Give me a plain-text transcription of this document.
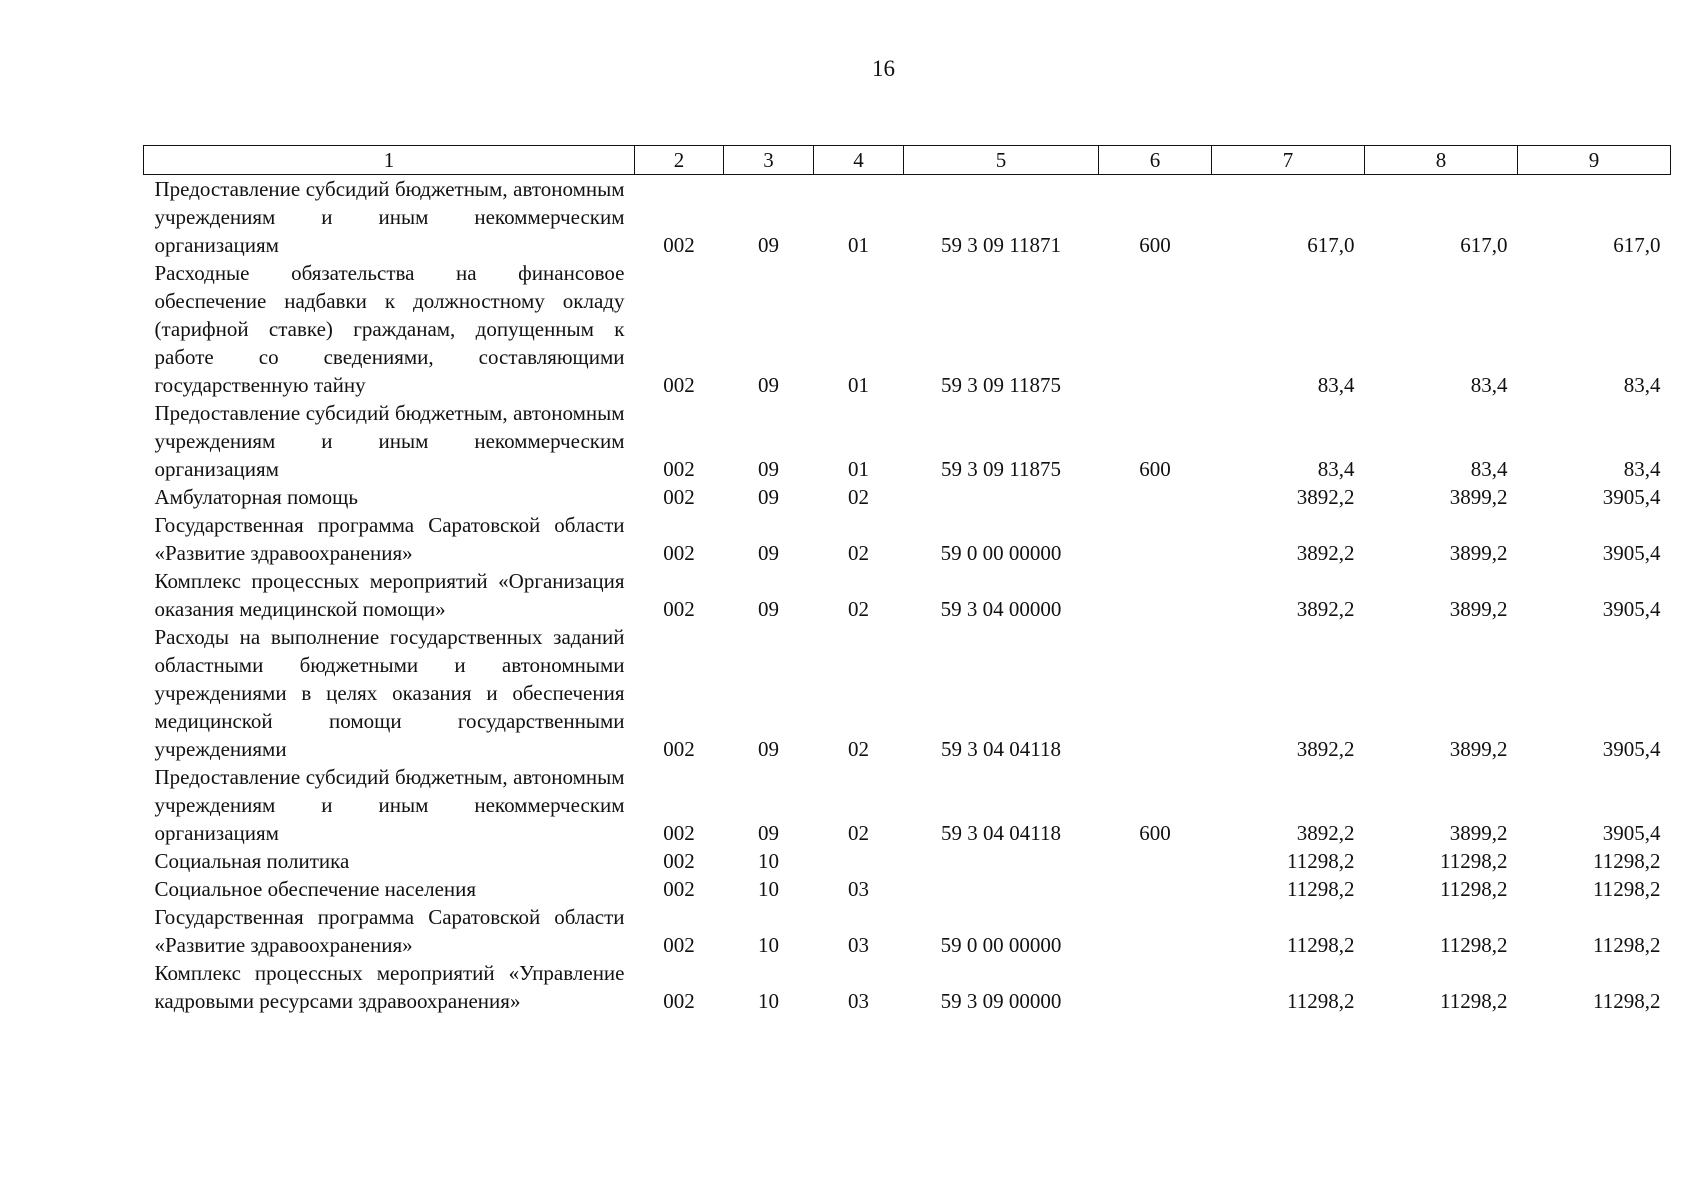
16
1	2	3	4	5	6	7	8	9
Предоставление субсидий бюджетным, автономным учреждениям и иным некоммерческим организациям	002	09	01	59 3 09 11871	600	617,0	617,0	617,0
Расходные обязательства на финансовое обеспечение надбавки к должностному окладу (тарифной ставке) гражданам, допущенным к работе со сведениями, составляющими государственную тайну	002	09	01	59 3 09 11875		83,4	83,4	83,4
Предоставление субсидий бюджетным, автономным учреждениям и иным некоммерческим организациям	002	09	01	59 3 09 11875	600	83,4	83,4	83,4
Амбулаторная помощь	002	09	02			3892,2	3899,2	3905,4
Государственная программа Саратовской области «Развитие здравоохранения»	002	09	02	59 0 00 00000		3892,2	3899,2	3905,4
Комплекс процессных мероприятий «Организация оказания медицинской помощи»	002	09	02	59 3 04 00000		3892,2	3899,2	3905,4
Расходы на выполнение государственных заданий областными бюджетными и автономными учреждениями в целях оказания и обеспечения медицинской помощи государственными учреждениями	002	09	02	59 3 04 04118		3892,2	3899,2	3905,4
Предоставление субсидий бюджетным, автономным учреждениям и иным некоммерческим организациям	002	09	02	59 3 04 04118	600	3892,2	3899,2	3905,4
Социальная политика	002	10				11298,2	11298,2	11298,2
Социальное обеспечение населения	002	10	03			11298,2	11298,2	11298,2
Государственная программа Саратовской области «Развитие здравоохранения»	002	10	03	59 0 00 00000		11298,2	11298,2	11298,2
Комплекс процессных мероприятий «Управление кадровыми ресурсами здравоохранения»	002	10	03	59 3 09 00000		11298,2	11298,2	11298,2
